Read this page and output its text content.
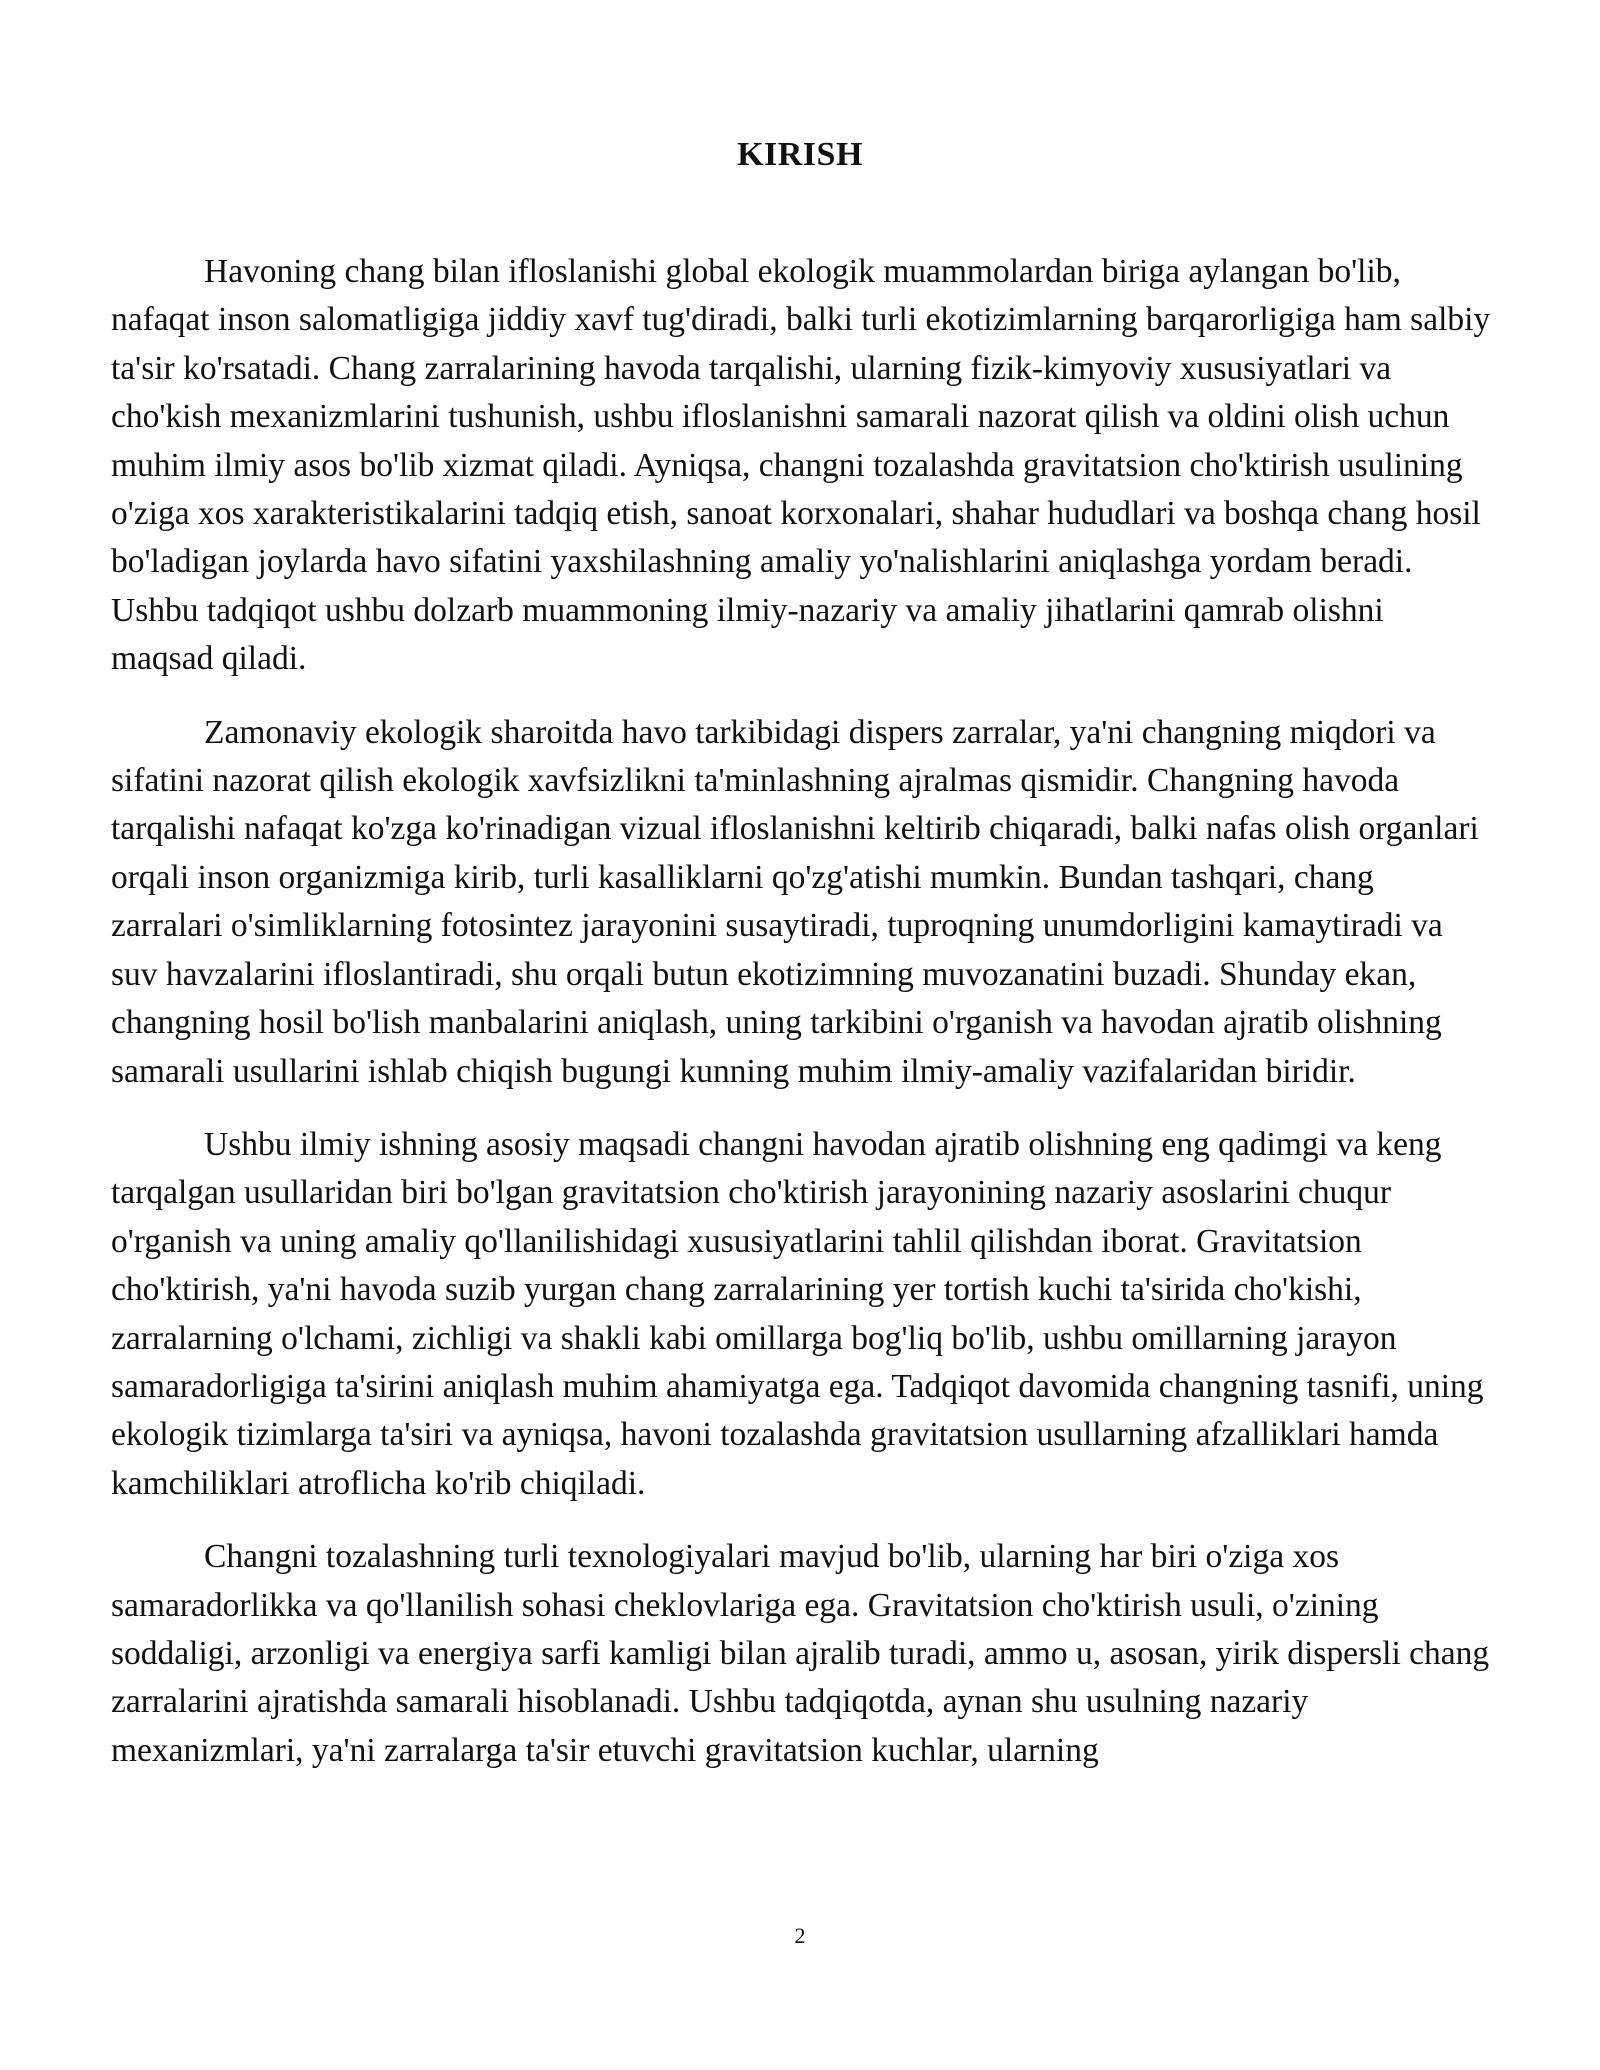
KIRISH

Havoning chang bilan ifloslanishi global ekologik muammolardan biriga aylangan bo'lib, nafaqat inson salomatligiga jiddiy xavf tug'diradi, balki turli ekotizimlarning barqarorligiga ham salbiy ta'sir ko'rsatadi. Chang zarralarining havoda tarqalishi, ularning fizik-kimyoviy xususiyatlari va cho'kish mexanizmlarini tushunish, ushbu ifloslanishni samarali nazorat qilish va oldini olish uchun muhim ilmiy asos bo'lib xizmat qiladi. Ayniqsa, changni tozalashda gravitatsion cho'ktirish usulining o'ziga xos xarakteristikalarini tadqiq etish, sanoat korxonalari, shahar hududlari va boshqa chang hosil bo'ladigan joylarda havo sifatini yaxshilashning amaliy yo'nalishlarini aniqlashga yordam beradi. Ushbu tadqiqot ushbu dolzarb muammoning ilmiy-nazariy va amaliy jihatlarini qamrab olishni maqsad qiladi.

Zamonaviy ekologik sharoitda havo tarkibidagi dispers zarralar, ya'ni changning miqdori va sifatini nazorat qilish ekologik xavfsizlikni ta'minlashning ajralmas qismidir. Changning havoda tarqalishi nafaqat ko'zga ko'rinadigan vizual ifloslanishni keltirib chiqaradi, balki nafas olish organlari orqali inson organizmiga kirib, turli kasalliklarni qo'zg'atishi mumkin. Bundan tashqari, chang zarralari o'simliklarning fotosintez jarayonini susaytiradi, tuproqning unumdorligini kamaytiradi va suv havzalarini ifloslantiradi, shu orqali butun ekotizimning muvozanatini buzadi. Shunday ekan, changning hosil bo'lish manbalarini aniqlash, uning tarkibini o'rganish va havodan ajratib olishning samarali usullarini ishlab chiqish bugungi kunning muhim ilmiy-amaliy vazifalaridan biridir.

Ushbu ilmiy ishning asosiy maqsadi changni havodan ajratib olishning eng qadimgi va keng tarqalgan usullaridan biri bo'lgan gravitatsion cho'ktirish jarayonining nazariy asoslarini chuqur o'rganish va uning amaliy qo'llanilishidagi xususiyatlarini tahlil qilishdan iborat. Gravitatsion cho'ktirish, ya'ni havoda suzib yurgan chang zarralarining yer tortish kuchi ta'sirida cho'kishi, zarralarning o'lchami, zichligi va shakli kabi omillarga bog'liq bo'lib, ushbu omillarning jarayon samaradorligiga ta'sirini aniqlash muhim ahamiyatga ega. Tadqiqot davomida changning tasnifi, uning ekologik tizimlarga ta'siri va ayniqsa, havoni tozalashda gravitatsion usullarning afzalliklari hamda kamchiliklari atroflicha ko'rib chiqiladi.

Changni tozalashning turli texnologiyalari mavjud bo'lib, ularning har biri o'ziga xos samaradorlikka va qo'llanilish sohasi cheklovlariga ega. Gravitatsion cho'ktirish usuli, o'zining soddaligi, arzonligi va energiya sarfi kamligi bilan ajralib turadi, ammo u, asosan, yirik dispersli chang zarralarini ajratishda samarali hisoblanadi. Ushbu tadqiqotda, aynan shu usulning nazariy mexanizmlari, ya'ni zarralarga ta'sir etuvchi gravitatsion kuchlar, ularning

2
